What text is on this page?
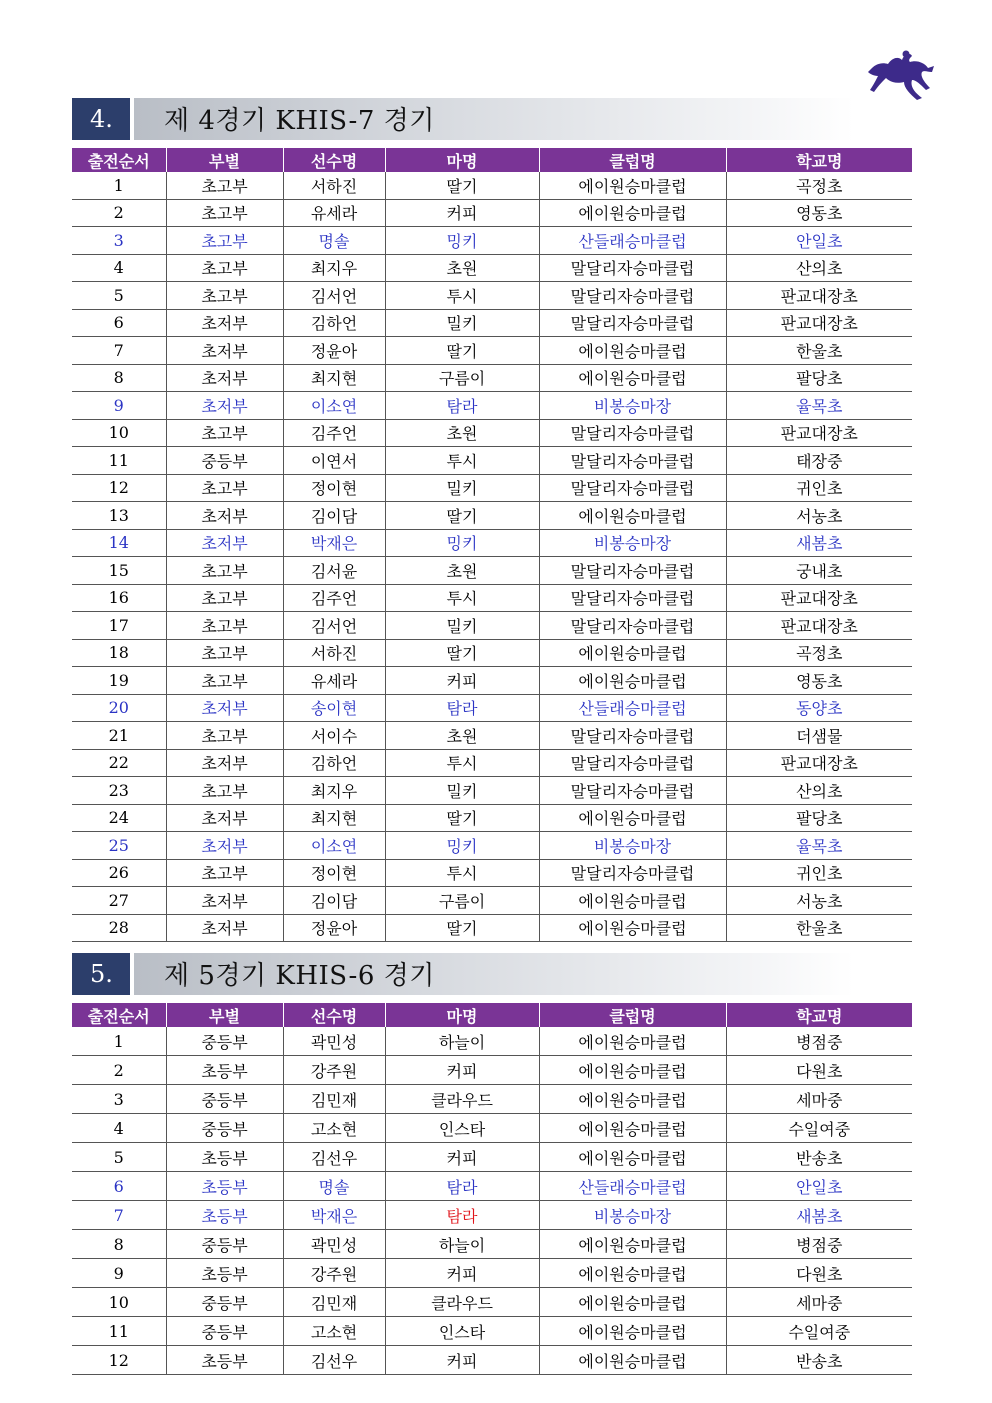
4.	제 4경기 KHIS-7 경기
출전순서	부별	선수명	마명	클럽명	학교명
1	초고부	서하진	딸기	에이원승마클럽	곡정초
2	초고부	유세라	커피	에이원승마클럽	영동초
3	초고부	명솔	밍키	산들래승마클럽	안일초
4	초고부	최지우	초원	말달리자승마클럽	산의초
5	초고부	김서언	투시	말달리자승마클럽	판교대장초
6	초저부	김하언	밀키	말달리자승마클럽	판교대장초
7	초저부	정윤아	딸기	에이원승마클럽	한울초
8	초저부	최지현	구름이	에이원승마클럽	팔당초
9	초저부	이소연	탐라	비봉승마장	율목초
10	초고부	김주언	초원	말달리자승마클럽	판교대장초
11	중등부	이연서	투시	말달리자승마클럽	태장중
12	초고부	정이현	밀키	말달리자승마클럽	귀인초
13	초저부	김이담	딸기	에이원승마클럽	서농초
14	초저부	박재은	밍키	비봉승마장	새봄초
15	초고부	김서윤	초원	말달리자승마클럽	궁내초
16	초고부	김주언	투시	말달리자승마클럽	판교대장초
17	초고부	김서언	밀키	말달리자승마클럽	판교대장초
18	초고부	서하진	딸기	에이원승마클럽	곡정초
19	초고부	유세라	커피	에이원승마클럽	영동초
20	초저부	송이현	탐라	산들래승마클럽	동양초
21	초고부	서이수	초원	말달리자승마클럽	더샘물
22	초저부	김하언	투시	말달리자승마클럽	판교대장초
23	초고부	최지우	밀키	말달리자승마클럽	산의초
24	초저부	최지현	딸기	에이원승마클럽	팔당초
25	초저부	이소연	밍키	비봉승마장	율목초
26	초고부	정이현	투시	말달리자승마클럽	귀인초
27	초저부	김이담	구름이	에이원승마클럽	서농초
28	초저부	정윤아	딸기	에이원승마클럽	한울초
5.	제 5경기 KHIS-6 경기
출전순서	부별	선수명	마명	클럽명	학교명
1	중등부	곽민성	하늘이	에이원승마클럽	병점중
2	초등부	강주원	커피	에이원승마클럽	다원초
3	중등부	김민재	클라우드	에이원승마클럽	세마중
4	중등부	고소현	인스타	에이원승마클럽	수일여중
5	초등부	김선우	커피	에이원승마클럽	반송초
6	초등부	명솔	탐라	산들래승마클럽	안일초
7	초등부	박재은	탐라	비봉승마장	새봄초
8	중등부	곽민성	하늘이	에이원승마클럽	병점중
9	초등부	강주원	커피	에이원승마클럽	다원초
10	중등부	김민재	클라우드	에이원승마클럽	세마중
11	중등부	고소현	인스타	에이원승마클럽	수일여중
12	초등부	김선우	커피	에이원승마클럽	반송초
